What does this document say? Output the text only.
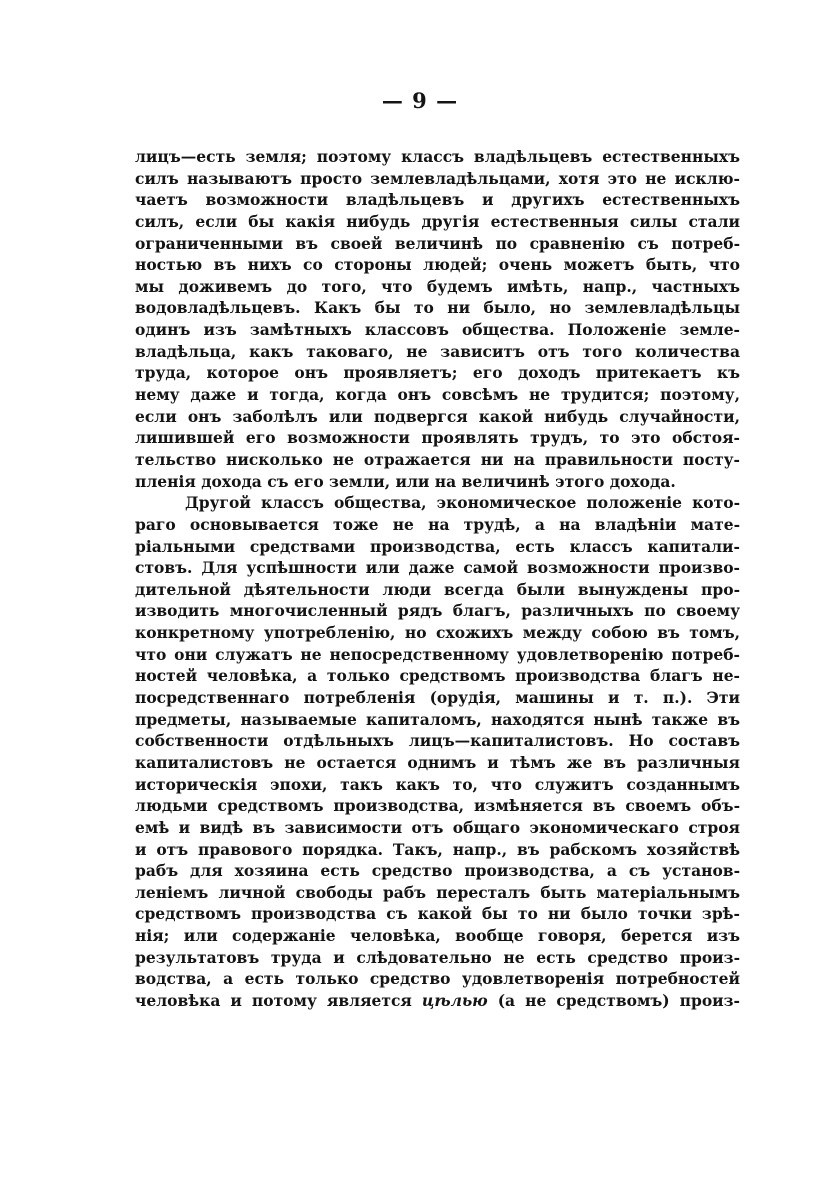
— 9 —
лицъ—есть земля; поэтому классъ владѣльцевъ естественныхъ
силъ называютъ просто землевладѣльцами, хотя это не исклю-
чаетъ возможности владѣльцевъ и другихъ естественныхъ
силъ, если бы какія нибудь другія естественныя силы стали
ограниченными въ своей величинѣ по сравненію съ потреб-
ностью въ нихъ со стороны людей; очень можетъ быть, что
мы доживемъ до того, что будемъ имѣть, напр., частныхъ
водовладѣльцевъ. Какъ бы то ни было, но землевладѣльцы
одинъ изъ замѣтныхъ классовъ общества. Положеніе земле-
владѣльца, какъ таковаго, не зависитъ отъ того количества
труда, которое онъ проявляетъ; его доходъ притекаетъ къ
нему даже и тогда, когда онъ совсѣмъ не трудится; поэтому,
если онъ заболѣлъ или подвергся какой нибудь случайности,
лишившей его возможности проявлять трудъ, то это обстоя-
тельство нисколько не отражается ни на правильности посту-
пленія дохода съ его земли, или на величинѣ этого дохода.
Другой классъ общества, экономическое положеніе кото-
раго основывается тоже не на трудѣ, а на владѣніи мате-
ріальными средствами производства, есть классъ капитали-
стовъ. Для успѣшности или даже самой возможности произво-
дительной дѣятельности люди всегда были вынуждены про-
изводить многочисленный рядъ благъ, различныхъ по своему
конкретному употребленію, но схожихъ между собою въ томъ,
что они служатъ не непосредственному удовлетворенію потреб-
ностей человѣка, а только средствомъ производства благъ не-
посредственнаго потребленія (орудія, машины и т. п.). Эти
предметы, называемые капиталомъ, находятся нынѣ также въ
собственности отдѣльныхъ лицъ—капиталистовъ. Но составъ
капиталистовъ не остается однимъ и тѣмъ же въ различныя
историческія эпохи, такъ какъ то, что служитъ созданнымъ
людьми средствомъ производства, измѣняется въ своемъ объ-
емѣ и видѣ въ зависимости отъ общаго экономическаго строя
и отъ правового порядка. Такъ, напр., въ рабскомъ хозяйствѣ
рабъ для хозяина есть средство производства, а съ установ-
леніемъ личной свободы рабъ пересталъ быть матеріальнымъ
средствомъ производства съ какой бы то ни было точки зрѣ-
нія; или содержаніе человѣка, вообще говоря, берется изъ
результатовъ труда и слѣдовательно не есть средство произ-
водства, а есть только средство удовлетворенія потребностей
человѣка и потому является цѣлью (а не средствомъ) произ-
